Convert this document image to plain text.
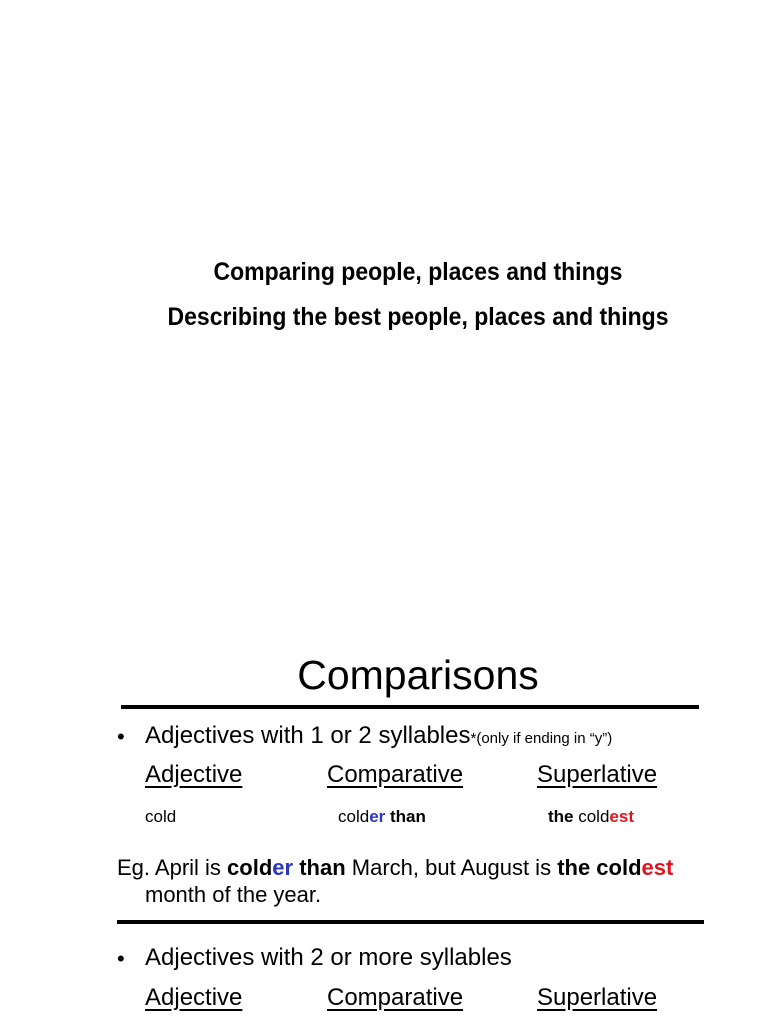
Comparing people, places and things
Describing the best people, places and things
Comparisons
• Adjectives with 1 or 2 syllables*(only if ending in “y”)
Adjective	Comparative	Superlative
cold	colder than	the coldest
Eg. April is colder than March, but August is the coldest
month of the year.
• Adjectives with 2 or more syllables
Adjective	Comparative	Superlative
